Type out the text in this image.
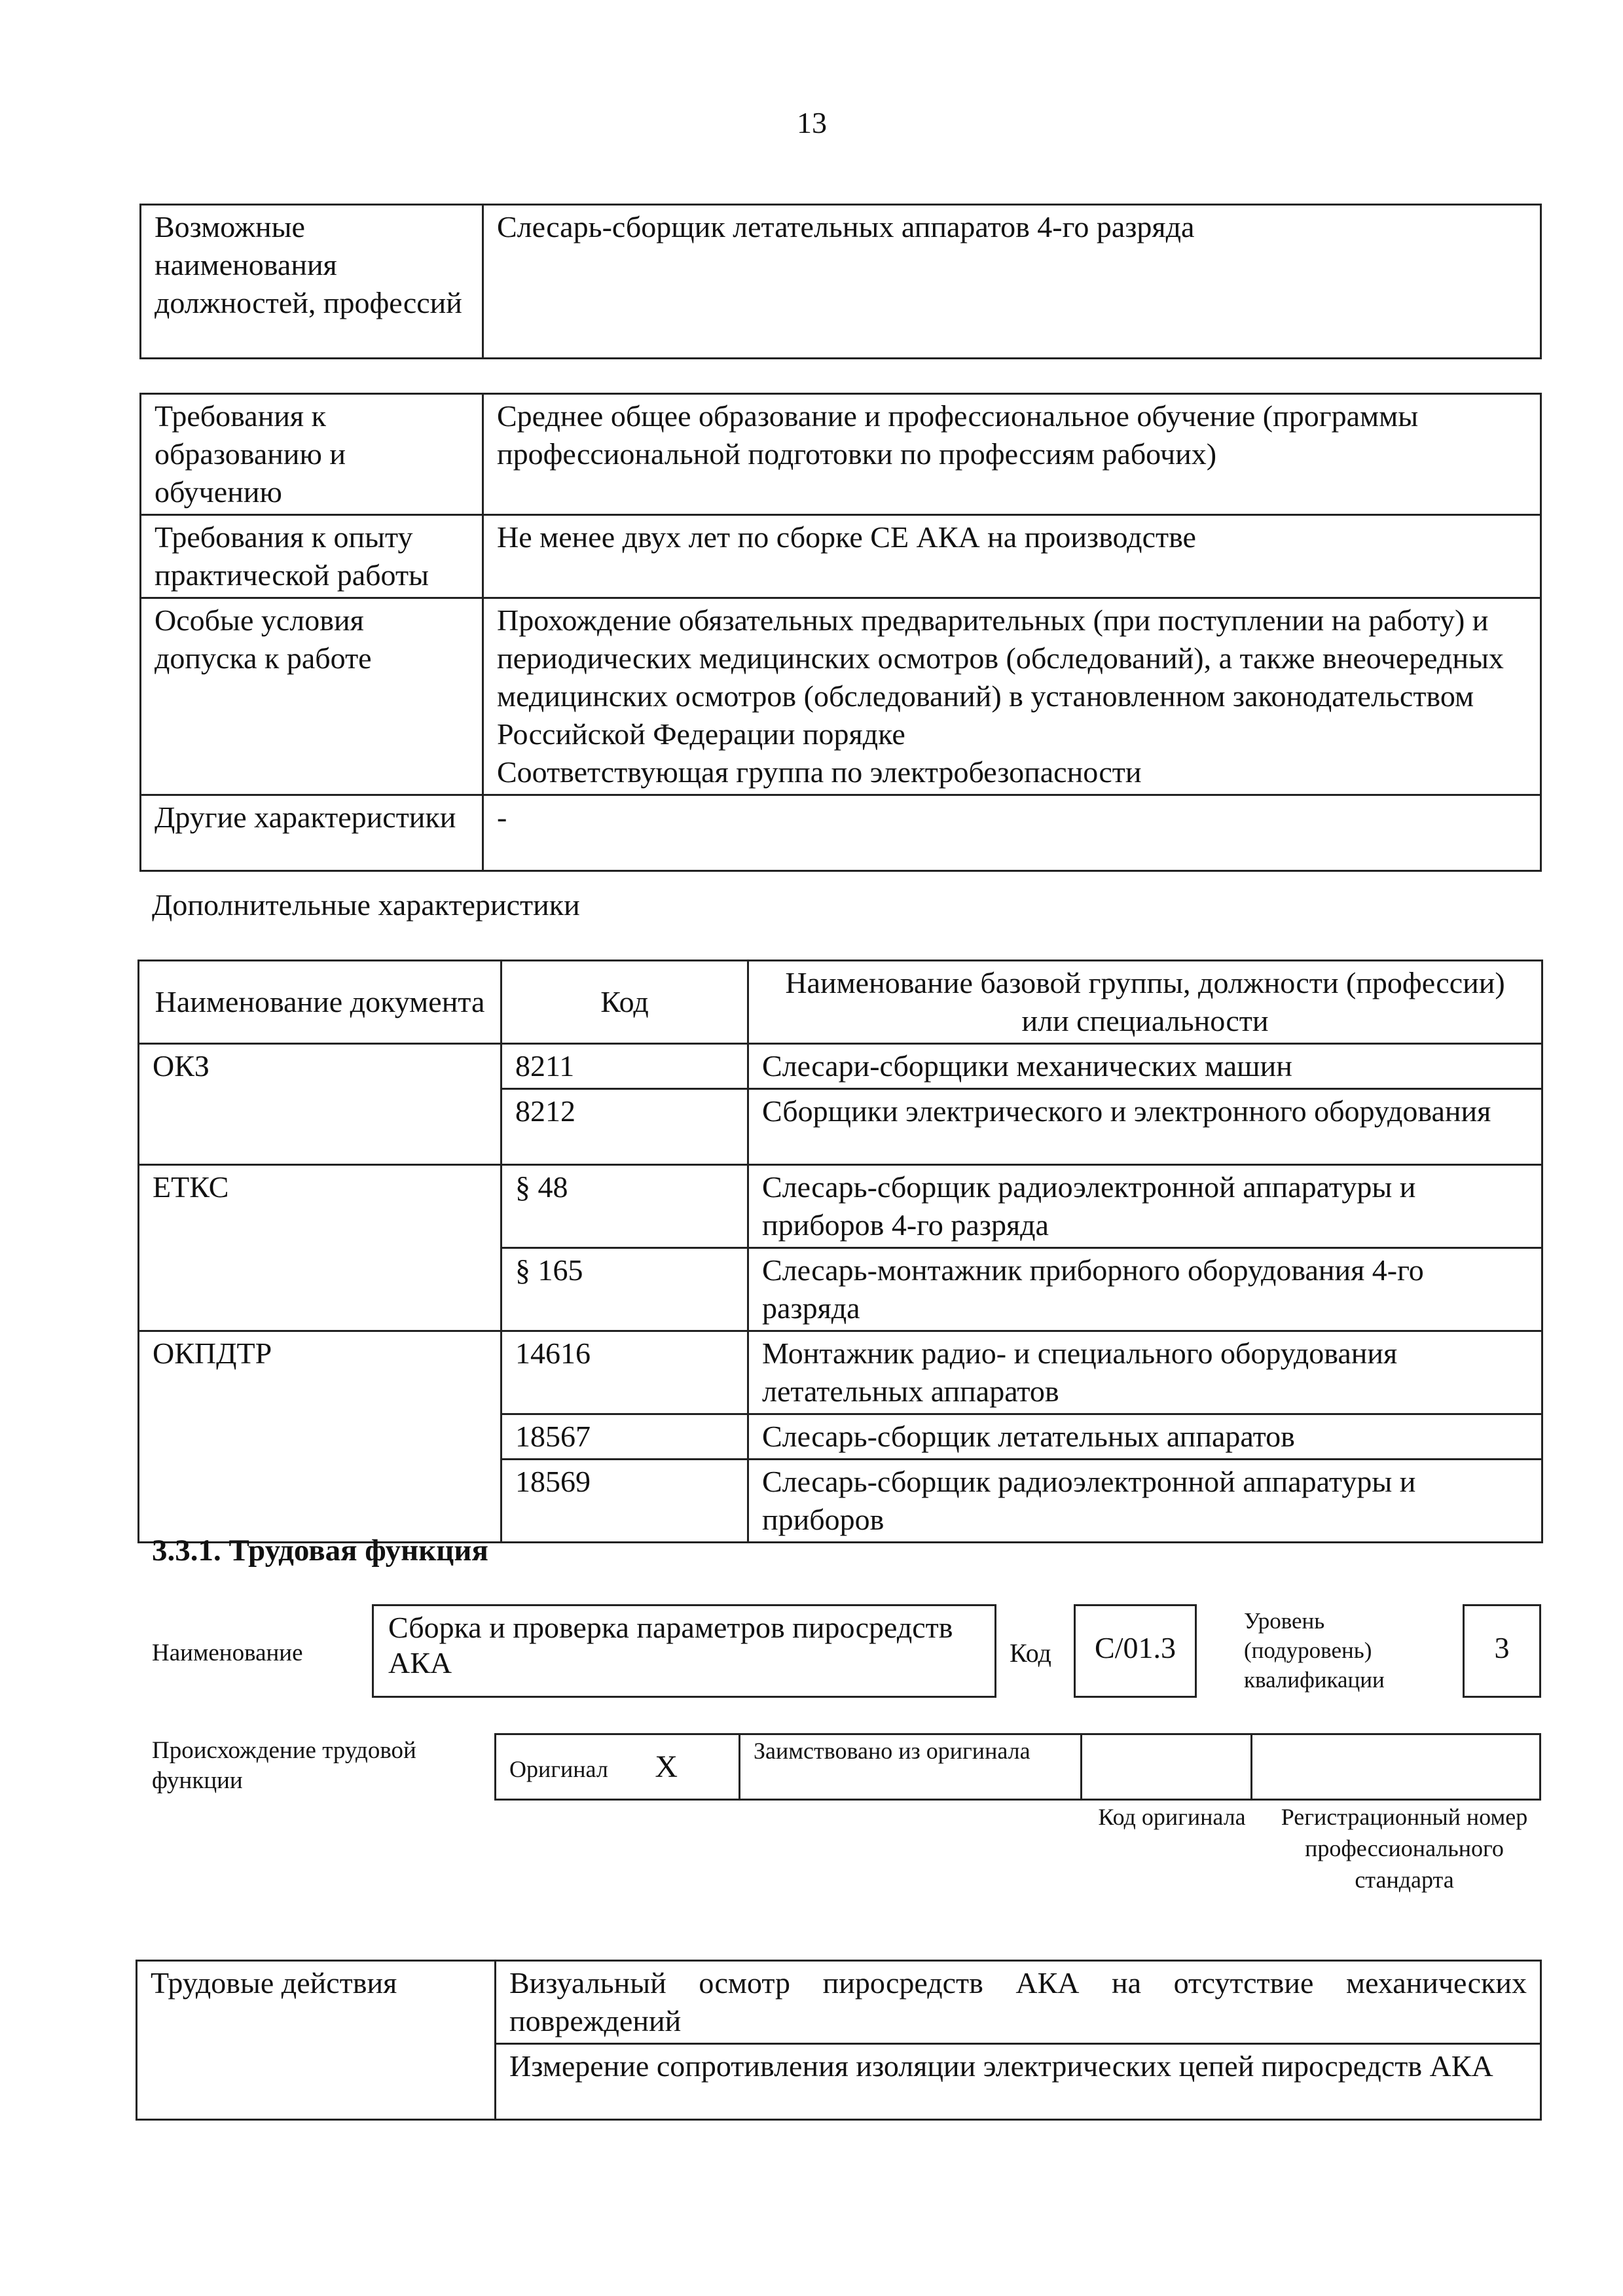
13
Возможные наименования должностей, профессий	Слесарь-сборщик летательных аппаратов 4-го разряда
Требования к образованию и обучению	Среднее общее образование и профессиональное обучение (программы профессиональной подготовки по профессиям рабочих)
Требования к опыту практической работы	Не менее двух лет по сборке СЕ АКА на производстве
Особые условия допуска к работе	Прохождение обязательных предварительных (при поступлении на работу) и периодических медицинских осмотров (обследований), а также внеочередных медицинских осмотров (обследований) в установленном законодательством Российской Федерации порядке
Соответствующая группа по электробезопасности

Другие характеристики	-
Дополнительные характеристики
Наименование документа	Код	Наименование базовой группы, должности (профессии) или специальности
ОКЗ	8211	Слесари-сборщики механических машин
	8212	Сборщики электрического и электронного оборудования
ЕТКС	§ 48	Слесарь-сборщик радиоэлектронной аппаратуры и приборов 4-го разряда
	§ 165	Слесарь-монтажник приборного оборудования 4-го разряда
ОКПДТР	14616	Монтажник радио- и специального оборудования летательных аппаратов
	18567	Слесарь-сборщик летательных аппаратов
	18569	Слесарь-сборщик радиоэлектронной аппаратуры и приборов
3.3.1. Трудовая функция
Наименование
Сборка и проверка параметров пиросредств АКА	Код	C/01.3
Уровень (подуровень) квалификации
3
Происхождение трудовой функции	Оригинал X	Заимствовано из оригинала		
Код оригинала	Регистрационный номер профессионального стандарта
Трудовые действия	Визуальный осмотр пиросредств АКА на отсутствие механических повреждений
Измерение сопротивления изоляции электрических цепей пиросредств АКА
